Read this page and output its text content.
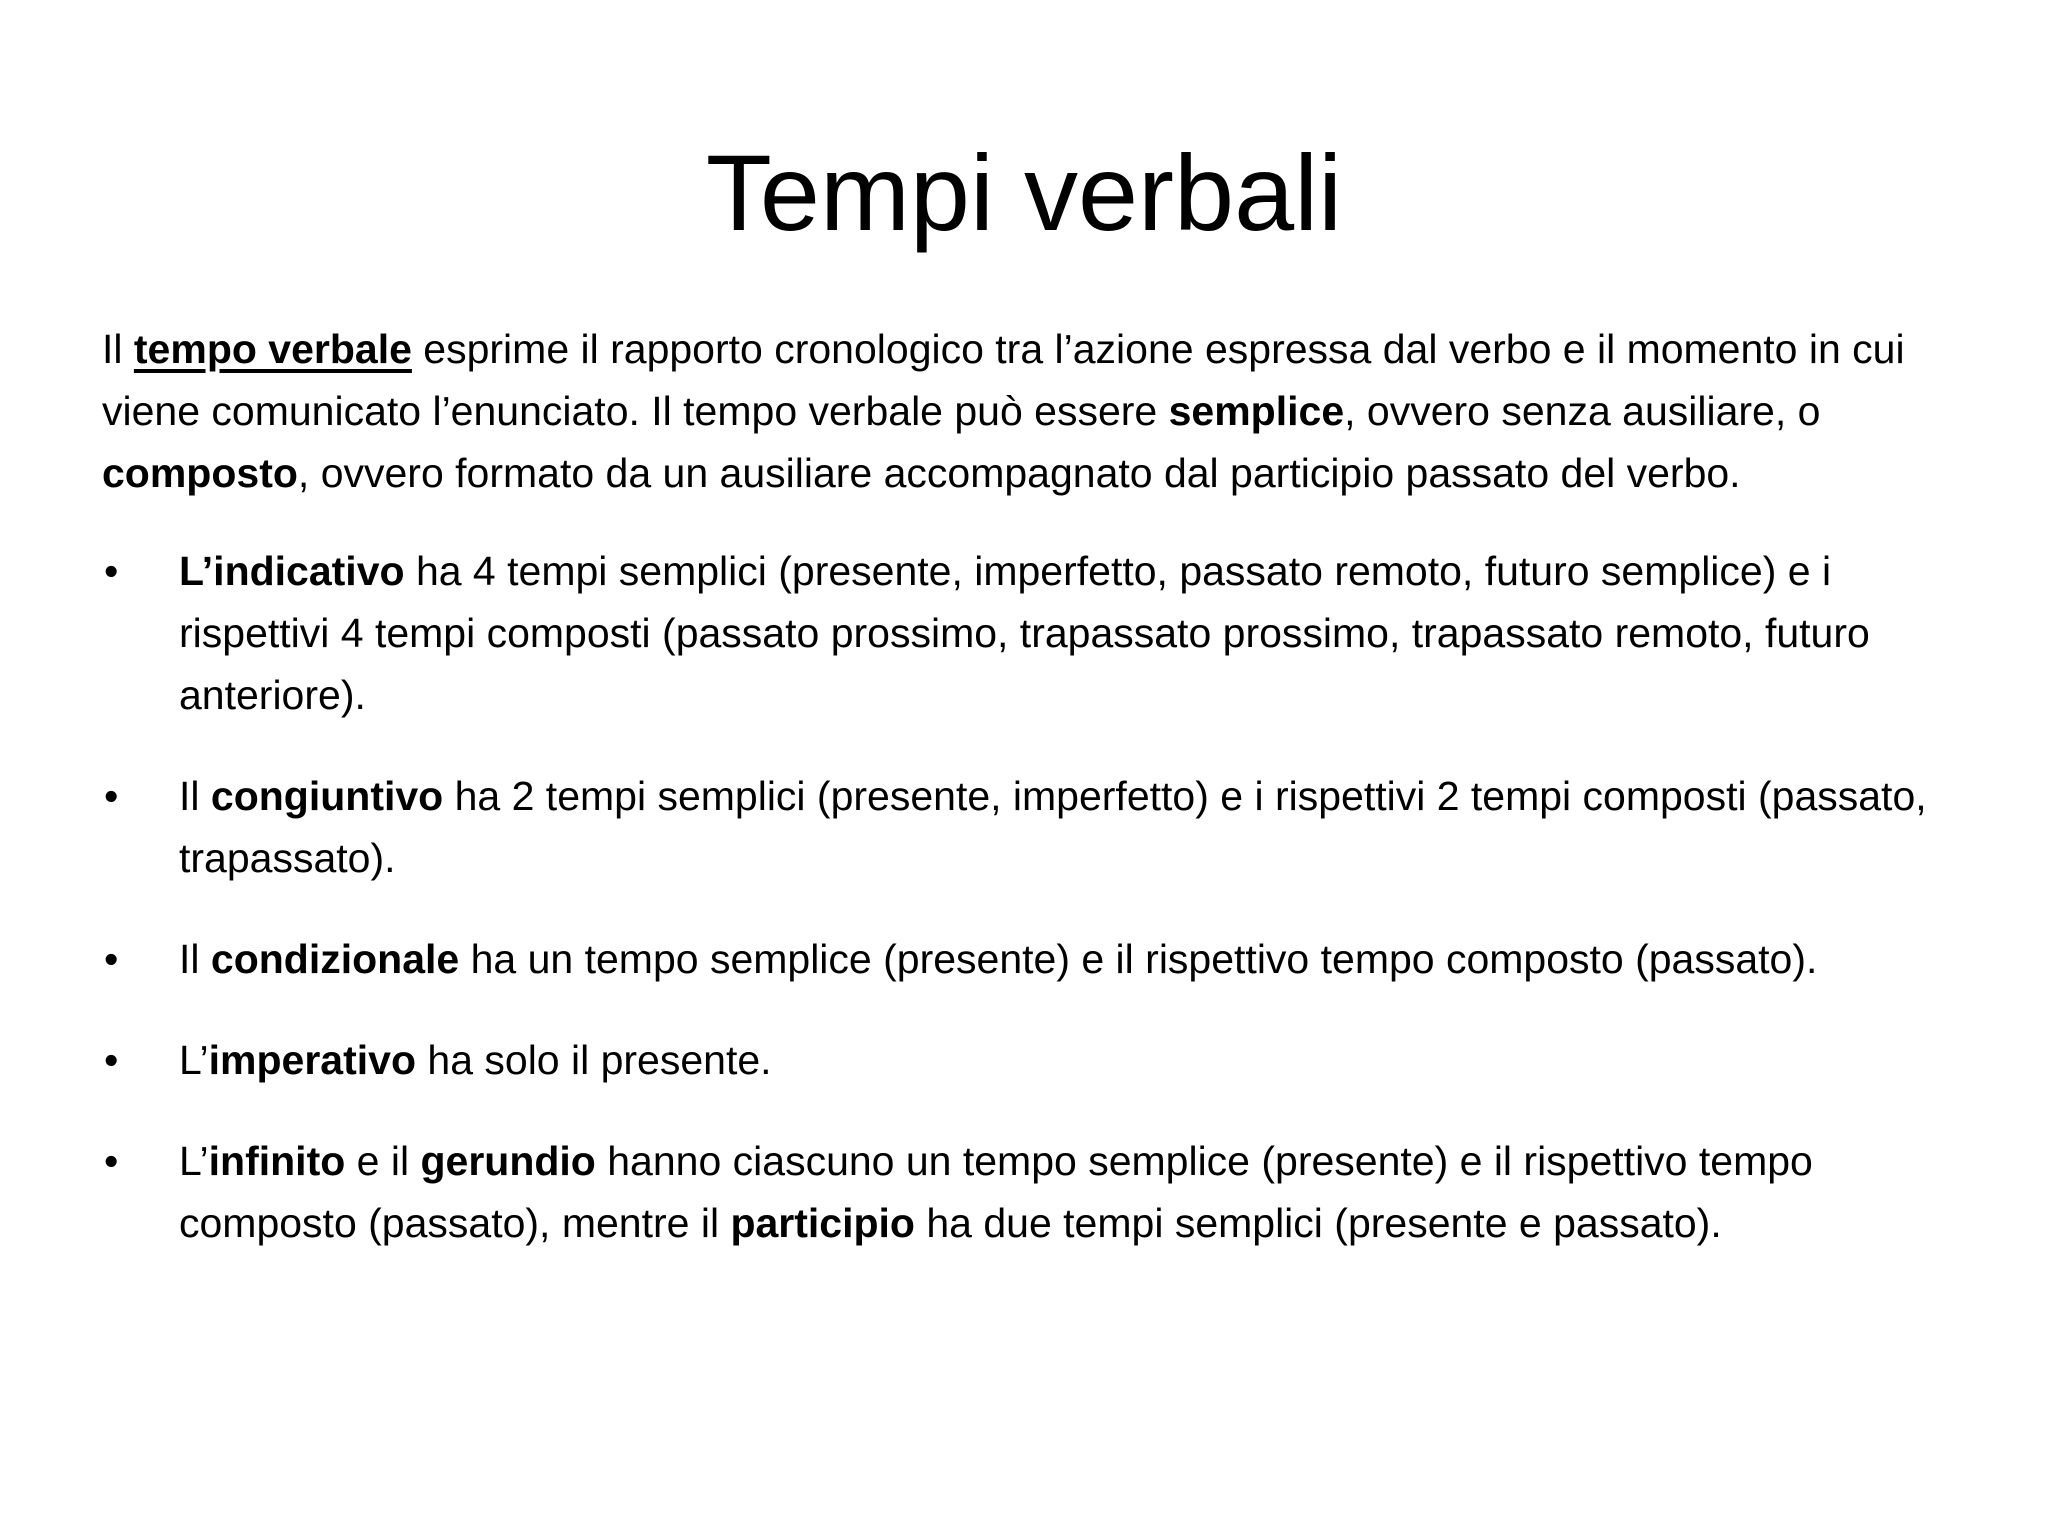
Tempi verbali

Il tempo verbale esprime il rapporto cronologico tra l’azione espressa dal verbo e il momento in cui viene comunicato l’enunciato. Il tempo verbale può essere semplice, ovvero senza ausiliare, o composto, ovvero formato da un ausiliare accompagnato dal participio passato del verbo.

•	L’indicativo ha 4 tempi semplici (presente, imperfetto, passato remoto, futuro semplice) e i rispettivi 4 tempi composti (passato prossimo, trapassato prossimo, trapassato remoto, futuro anteriore).
•	Il congiuntivo ha 2 tempi semplici (presente, imperfetto) e i rispettivi 2 tempi composti (passato, trapassato).
•	Il condizionale ha un tempo semplice (presente) e il rispettivo tempo composto (passato).
•	L’imperativo ha solo il presente.
•	L’infinito e il gerundio hanno ciascuno un tempo semplice (presente) e il rispettivo tempo composto (passato), mentre il participio ha due tempi semplici (presente e passato).
